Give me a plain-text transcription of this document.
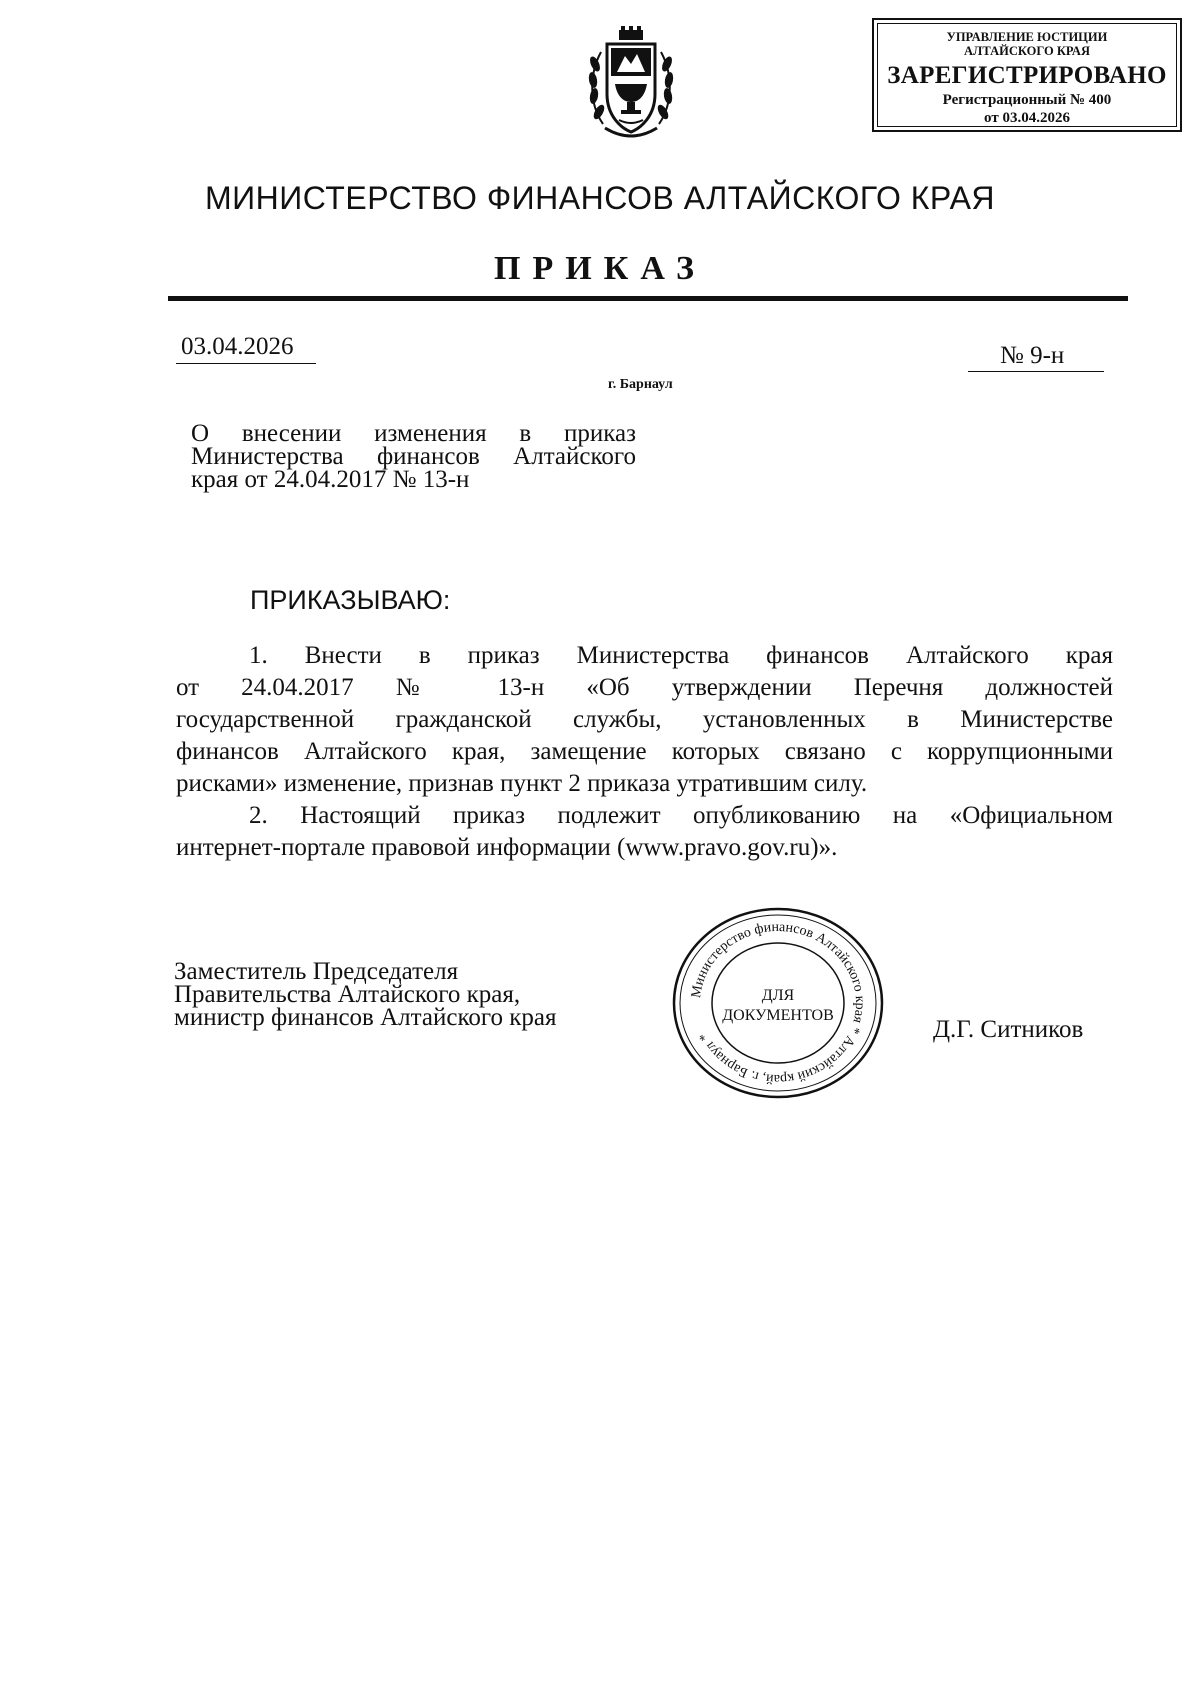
УПРАВЛЕНИЕ ЮСТИЦИИ
АЛТАЙСКОГО КРАЯ
ЗАРЕГИСТРИРОВАНО
Регистрационный № 400
от 03.04.2026
МИНИСТЕРСТВО ФИНАНСОВ АЛТАЙСКОГО КРАЯ
ПРИКАЗ
03.04.2026	№ 9-н
г. Барнаул
О внесении изменения в приказ
Министерства финансов Алтайского
края от 24.04.2017 № 13-н
ПРИКАЗЫВАЮ:
1. Внести в приказ Министерства финансов Алтайского края
от 24.04.2017 № 13-н «Об утверждении Перечня должностей
государственной гражданской службы, установленных в Министерстве
финансов Алтайского края, замещение которых связано с коррупционными
рисками» изменение, признав пункт 2 приказа утратившим силу.
2. Настоящий приказ подлежит опубликованию на «Официальном
интернет-портале правовой информации (www.pravo.gov.ru)».
Заместитель Председателя
Правительства Алтайского края,
министр финансов Алтайского края	Д.Г. Ситников
Министерство финансов Алтайского края * Алтайский край, г. Барнаул *
ДЛЯ
ДОКУМЕНТОВ
